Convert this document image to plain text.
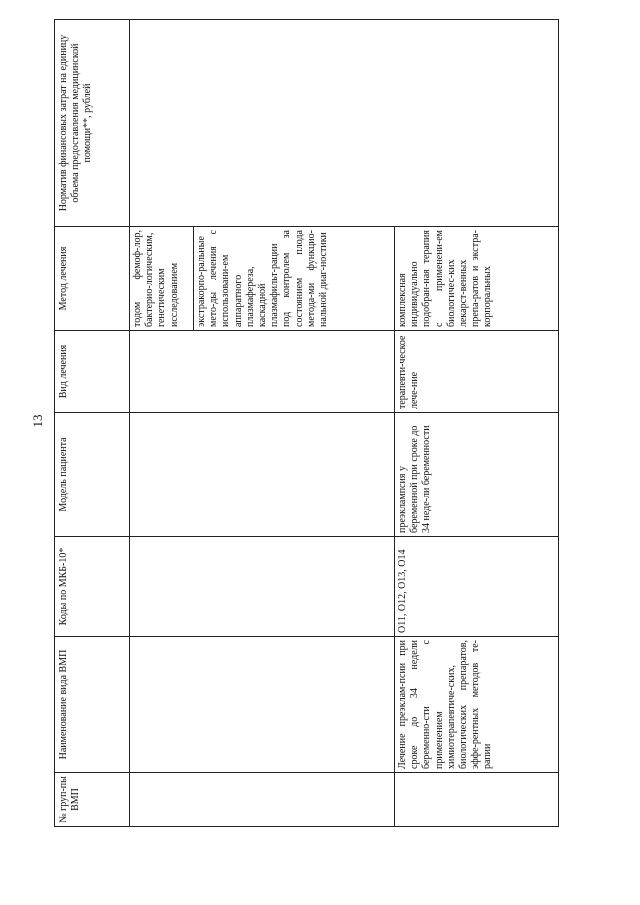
13
№ груп-пы ВМП	Наименование вида ВМП	Коды по МКБ-10*	Модель пациента	Вид лечения	Метод лечения	Норматив финансовых затрат на единицу объема предоставления медицинской помощи**, рублей

					тодом фемоф-лор, бактерио-логическим, генетическим исследованием экстракорпо-ральные мето-ды лечения с использовани-ем аппаратного плазмафереза, каскадной плазмафильт-рации под контролем за состоянием плода методa-ми функцио-нальной диаг-ностики	

	Лечение преэклам-псии при сроке до 34 недели беременно-сти с применением химиотерапевтиче-ских, биологических препаратов, эффе-рентных методов те-рапии	O11, O12, O13, O14	преэклампсия у беременной при сроке до 34 неде-ли беременности	терапевти-ческое лече-ние	комплексная индивидуально подобран-ная терапия с применени-ем биологичес-ких лекарст-венных препа-ратов и экстра-корпоральных	
